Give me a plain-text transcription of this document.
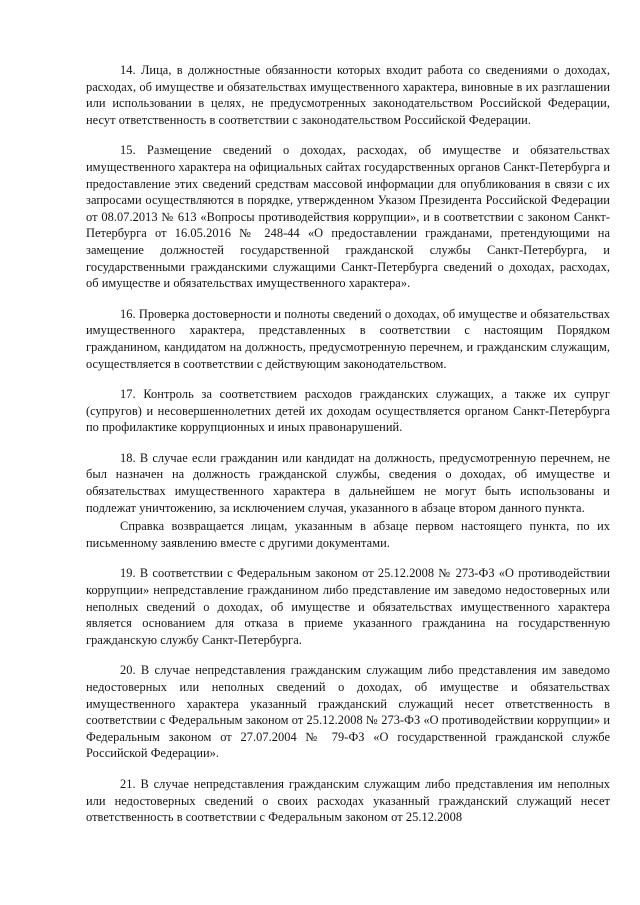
14. Лица, в должностные обязанности которых входит работа со сведениями о доходах, расходах, об имуществе и обязательствах имущественного характера, виновные в их разглашении или использовании в целях, не предусмотренных законодательством Российской Федерации, несут ответственность в соответствии с законодательством Российской Федерации.

15. Размещение сведений о доходах, расходах, об имуществе и обязательствах имущественного характера на официальных сайтах государственных органов Санкт-Петербурга и предоставление этих сведений средствам массовой информации для опубликования в связи с их запросами осуществляются в порядке, утвержденном Указом Президента Российской Федерации от 08.07.2013 № 613 «Вопросы противодействия коррупции», и в соответствии с законом Санкт-Петербурга от 16.05.2016 № 248-44 «О предоставлении гражданами, претендующими на замещение должностей государственной гражданской службы Санкт-Петербурга, и государственными гражданскими служащими Санкт-Петербурга сведений о доходах, расходах, об имуществе и обязательствах имущественного характера».

16. Проверка достоверности и полноты сведений о доходах, об имуществе и обязательствах имущественного характера, представленных в соответствии с настоящим Порядком гражданином, кандидатом на должность, предусмотренную перечнем, и гражданским служащим, осуществляется в соответствии с действующим законодательством.

17. Контроль за соответствием расходов гражданских служащих, а также их супруг (супругов) и несовершеннолетних детей их доходам осуществляется органом Санкт-Петербурга по профилактике коррупционных и иных правонарушений.

18. В случае если гражданин или кандидат на должность, предусмотренную перечнем, не был назначен на должность гражданской службы, сведения о доходах, об имуществе и обязательствах имущественного характера в дальнейшем не могут быть использованы и подлежат уничтожению, за исключением случая, указанного в абзаце втором данного пункта.

Справка возвращается лицам, указанным в абзаце первом настоящего пункта, по их письменному заявлению вместе с другими документами.

19. В соответствии с Федеральным законом от 25.12.2008 № 273-ФЗ «О противодействии коррупции» непредставление гражданином либо представление им заведомо недостоверных или неполных сведений о доходах, об имуществе и обязательствах имущественного характера является основанием для отказа в приеме указанного гражданина на государственную гражданскую службу Санкт-Петербурга.

20. В случае непредставления гражданским служащим либо представления им заведомо недостоверных или неполных сведений о доходах, об имуществе и обязательствах имущественного характера указанный гражданский служащий несет ответственность в соответствии с Федеральным законом от 25.12.2008 № 273-ФЗ «О противодействии коррупции» и Федеральным законом от 27.07.2004 № 79-ФЗ «О государственной гражданской службе Российской Федерации».

21. В случае непредставления гражданским служащим либо представления им неполных или недостоверных сведений о своих расходах указанный гражданский служащий несет ответственность в соответствии с Федеральным законом от 25.12.2008
